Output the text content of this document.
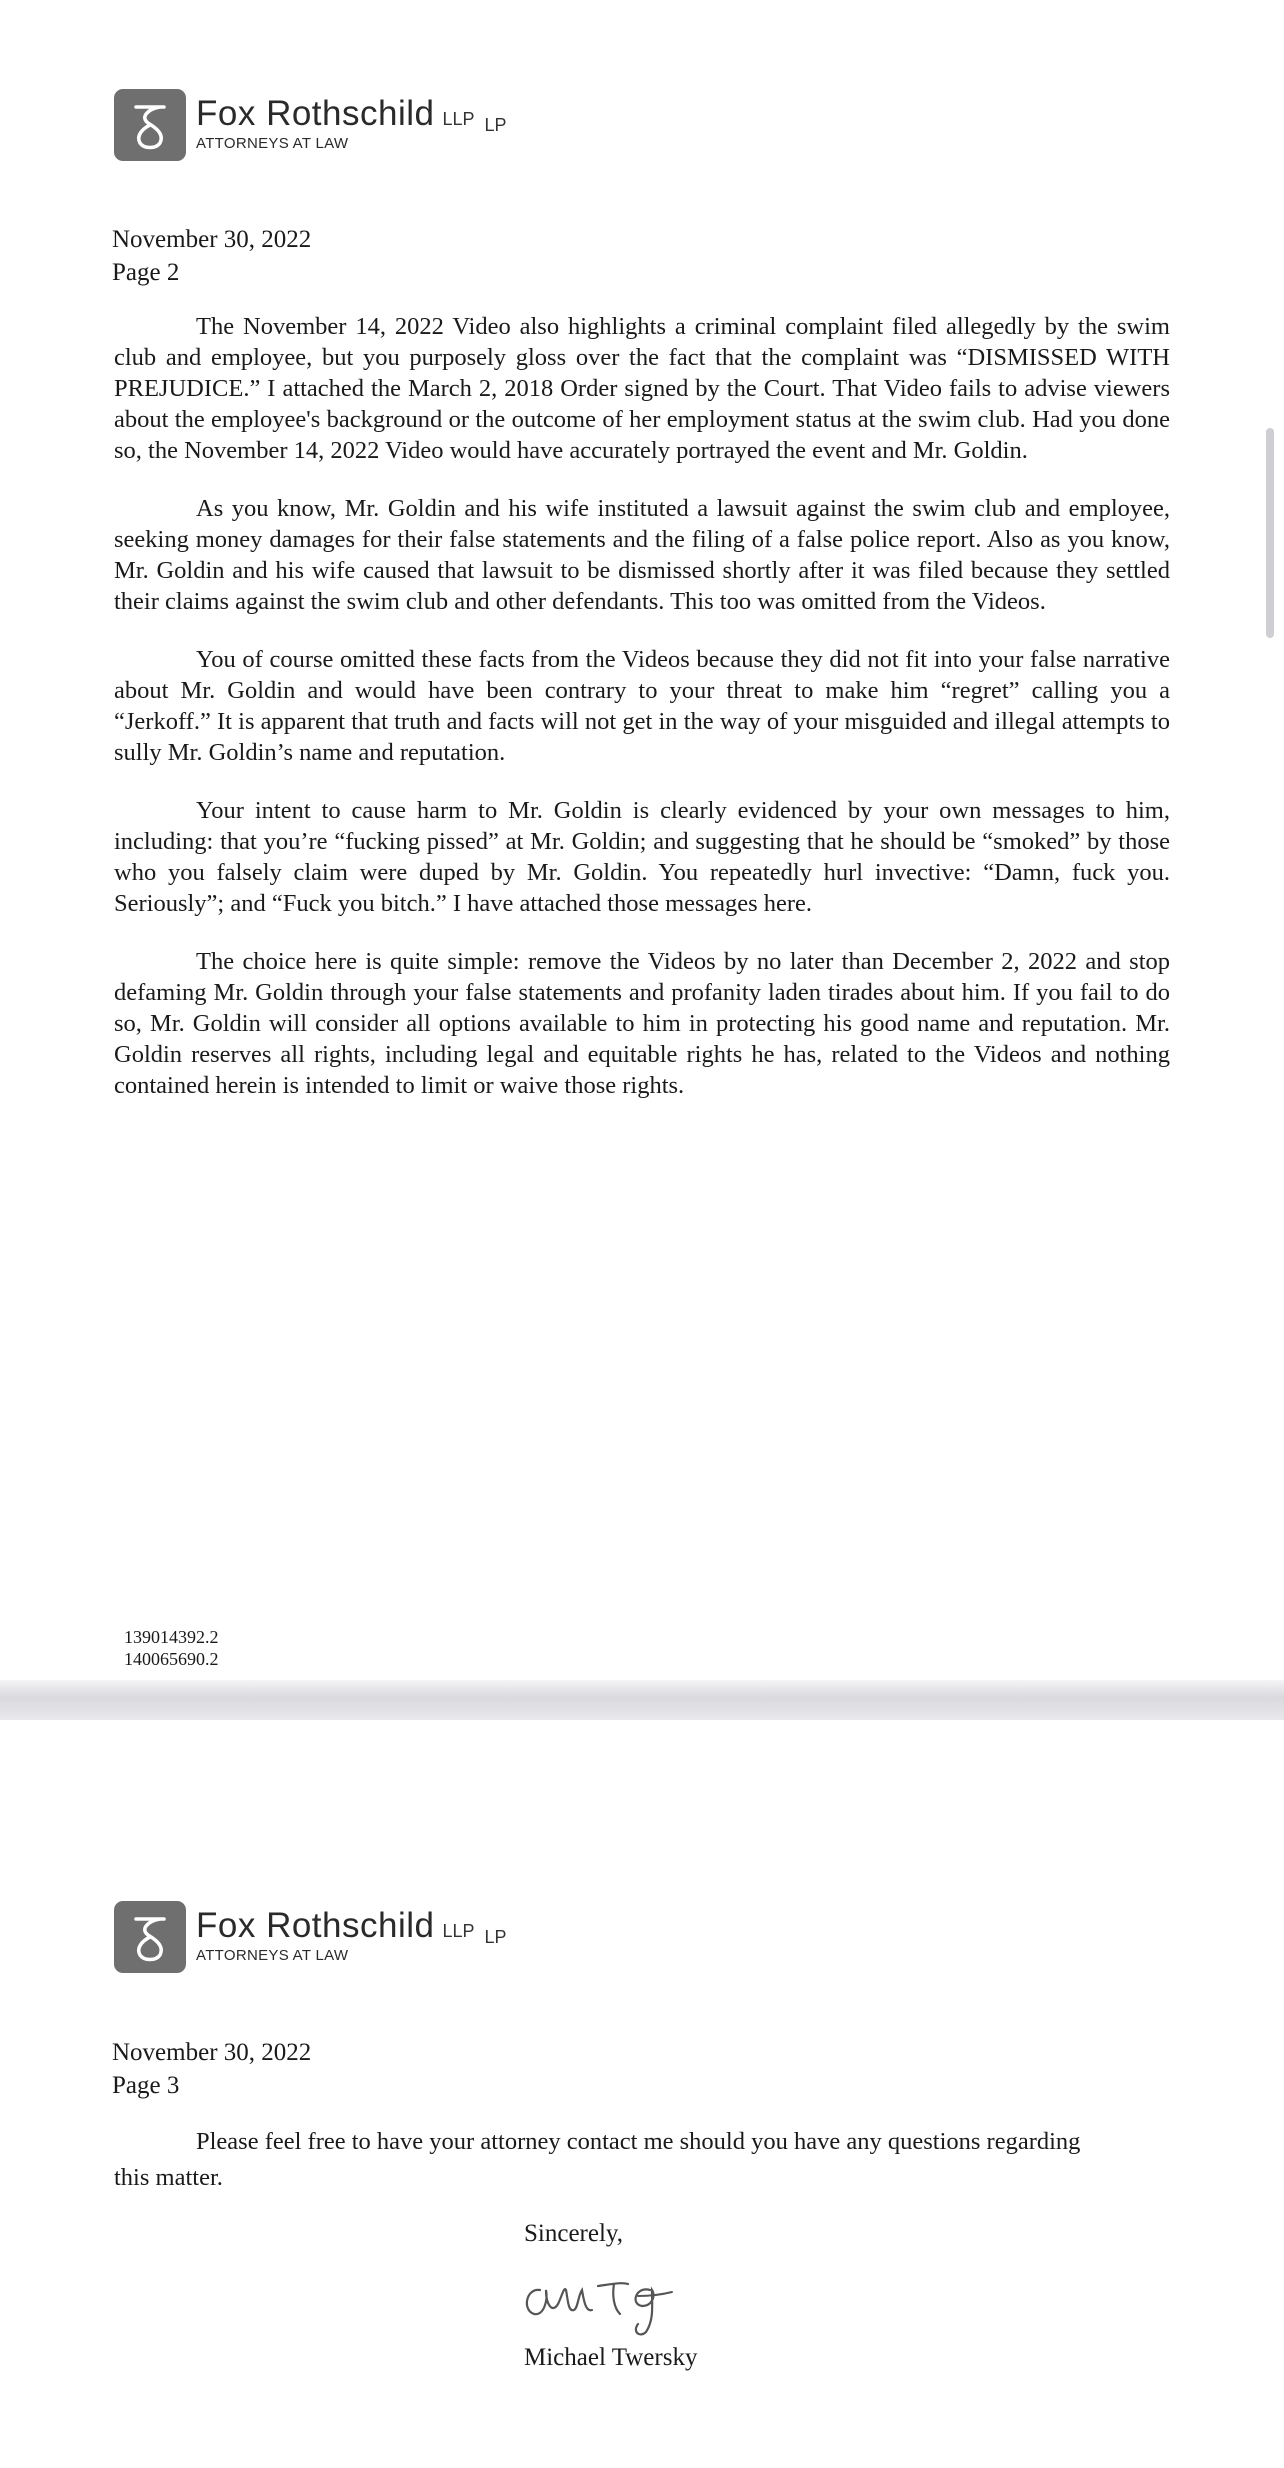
Fox Rothschild LLP LP
ATTORNEYS AT LAW
November 30, 2022
Page 2

The November 14, 2022 Video also highlights a criminal complaint filed allegedly by the swim club and employee, but you purposely gloss over the fact that the complaint was “DISMISSED WITH PREJUDICE.” I attached the March 2, 2018 Order signed by the Court. That Video fails to advise viewers about the employee's background or the outcome of her employment status at the swim club. Had you done so, the November 14, 2022 Video would have accurately portrayed the event and Mr. Goldin.

As you know, Mr. Goldin and his wife instituted a lawsuit against the swim club and employee, seeking money damages for their false statements and the filing of a false police report. Also as you know, Mr. Goldin and his wife caused that lawsuit to be dismissed shortly after it was filed because they settled their claims against the swim club and other defendants. This too was omitted from the Videos.

You of course omitted these facts from the Videos because they did not fit into your false narrative about Mr. Goldin and would have been contrary to your threat to make him “regret” calling you a “Jerkoff.” It is apparent that truth and facts will not get in the way of your misguided and illegal attempts to sully Mr. Goldin’s name and reputation.

Your intent to cause harm to Mr. Goldin is clearly evidenced by your own messages to him, including: that you’re “fucking pissed” at Mr. Goldin; and suggesting that he should be “smoked” by those who you falsely claim were duped by Mr. Goldin. You repeatedly hurl invective: “Damn, fuck you. Seriously”; and “Fuck you bitch.” I have attached those messages here.

The choice here is quite simple: remove the Videos by no later than December 2, 2022 and stop defaming Mr. Goldin through your false statements and profanity laden tirades about him. If you fail to do so, Mr. Goldin will consider all options available to him in protecting his good name and reputation. Mr. Goldin reserves all rights, including legal and equitable rights he has, related to the Videos and nothing contained herein is intended to limit or waive those rights.

139014392.2
140065690.2
Fox Rothschild LLP LP
ATTORNEYS AT LAW
November 30, 2022
Page 3

Please feel free to have your attorney contact me should you have any questions regarding this matter.

Sincerely,
Michael Twersky
